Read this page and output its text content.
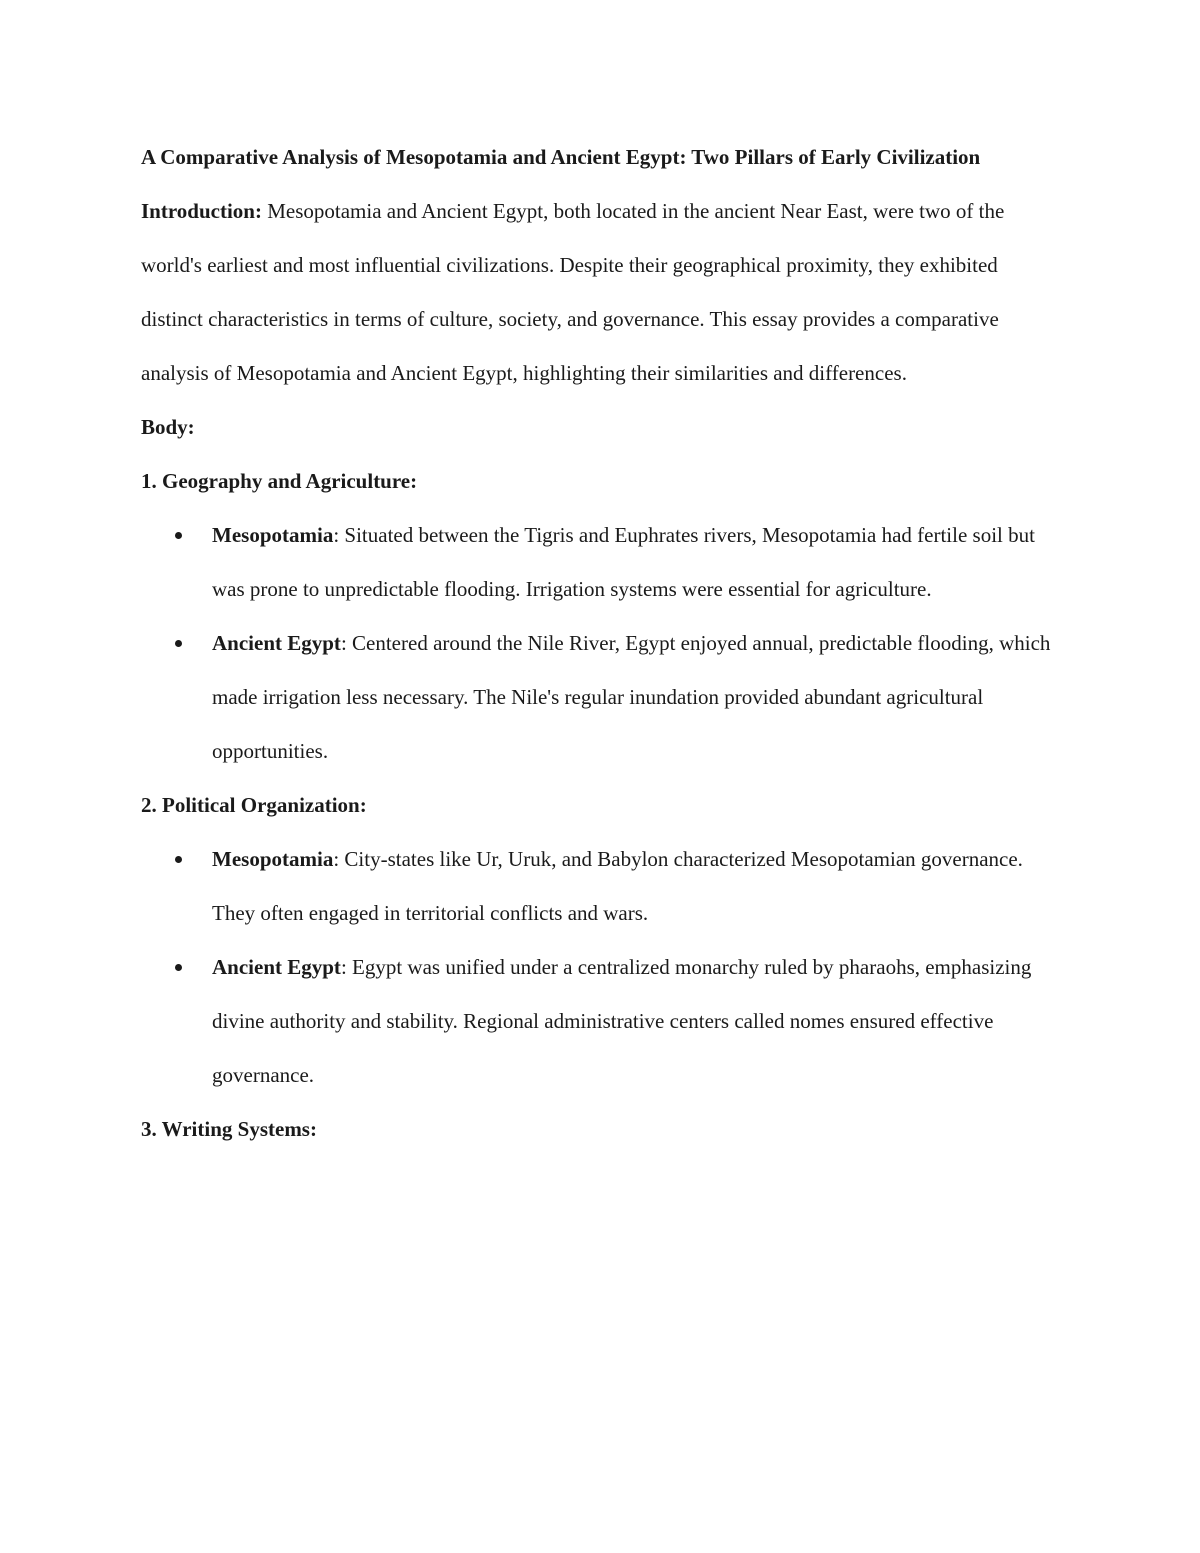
A Comparative Analysis of Mesopotamia and Ancient Egypt: Two Pillars of Early Civilization

Introduction: Mesopotamia and Ancient Egypt, both located in the ancient Near East, were two of the world's earliest and most influential civilizations. Despite their geographical proximity, they exhibited distinct characteristics in terms of culture, society, and governance. This essay provides a comparative analysis of Mesopotamia and Ancient Egypt, highlighting their similarities and differences.

Body:

1. Geography and Agriculture:

Mesopotamia: Situated between the Tigris and Euphrates rivers, Mesopotamia had fertile soil but was prone to unpredictable flooding. Irrigation systems were essential for agriculture.
Ancient Egypt: Centered around the Nile River, Egypt enjoyed annual, predictable flooding, which made irrigation less necessary. The Nile's regular inundation provided abundant agricultural opportunities.

2. Political Organization:

Mesopotamia: City-states like Ur, Uruk, and Babylon characterized Mesopotamian governance. They often engaged in territorial conflicts and wars.
Ancient Egypt: Egypt was unified under a centralized monarchy ruled by pharaohs, emphasizing divine authority and stability. Regional administrative centers called nomes ensured effective governance.

3. Writing Systems:
